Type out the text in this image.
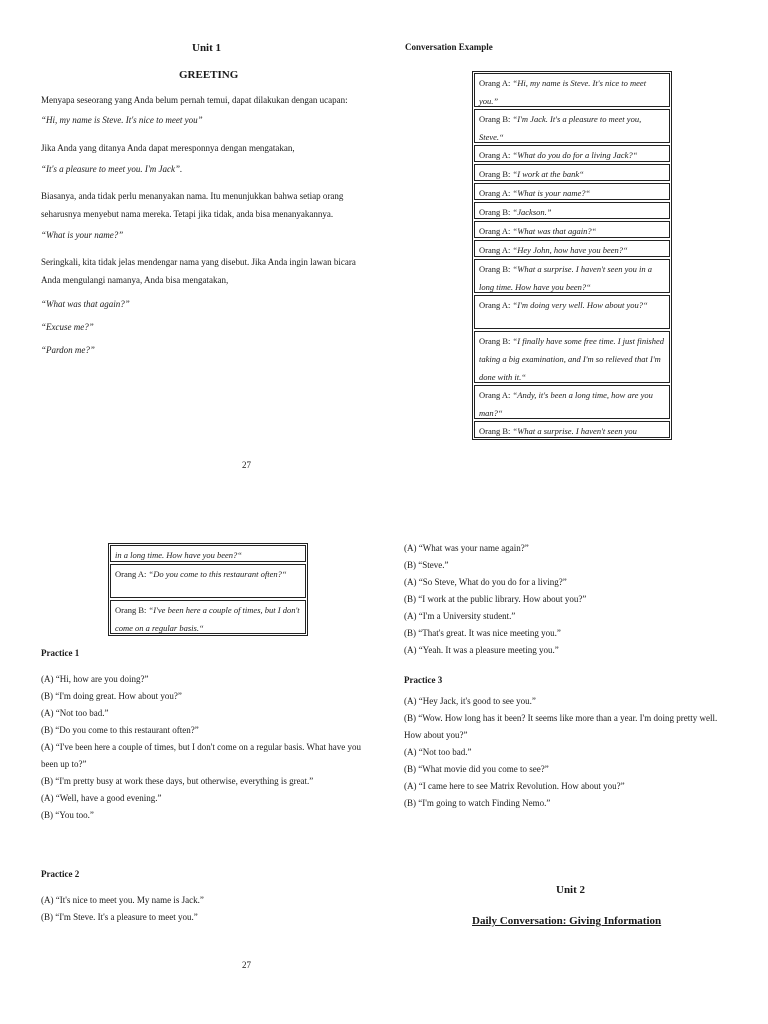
Unit 1
GREETING
Menyapa seseorang yang Anda belum pernah temui, dapat dilakukan dengan ucapan:
“Hi, my name is Steve. It's nice to meet you”
Jika Anda yang ditanya Anda dapat meresponnya dengan mengatakan,
“It's a pleasure to meet you. I'm Jack”.
Biasanya, anda tidak perlu menanyakan nama. Itu menunjukkan bahwa setiap orang seharusnya menyebut nama mereka. Tetapi jika tidak, anda bisa menanyakannya.
“What is your name?”
Seringkali, kita tidak jelas mendengar nama yang disebut. Jika Anda ingin lawan bicara Anda mengulangi namanya, Anda bisa mengatakan,
“What was that again?”
“Excuse me?”
“Pardon me?”
27
Conversation Example
Orang A: “Hi, my name is Steve. It's nice to meet you.”
Orang B: “I'm Jack. It's a pleasure to meet you, Steve.“
Orang A: “What do you do for a living Jack?“
Orang B: “I work at the bank“
Orang A: “What is your name?“
Orang B: “Jackson.”
Orang A: “What was that again?“
Orang A: “Hey John, how have you been?“
Orang B: “What a surprise. I haven't seen you in a long time. How have you been?“
Orang A: “I'm doing very well. How about you?“
Orang B: “I finally have some free time. I just finished taking a big examination, and I'm so relieved that I'm done with it.“
Orang A: “Andy, it's been a long time, how are you man?“
Orang B: “What a surprise. I haven't seen you
in a long time. How have you been?“
Orang A: “Do you come to this restaurant often?“
Orang B: “I've been here a couple of times, but I don't come on a regular basis.“
Practice 1
(A) “Hi, how are you doing?”
(B) “I'm doing great. How about you?”
(A) “Not too bad.”
(B) “Do you come to this restaurant often?”
(A) “I've been here a couple of times, but I don't come on a regular basis. What have you been up to?”
(B) “I'm pretty busy at work these days, but otherwise, everything is great.”
(A) “Well, have a good evening.”
(B) “You too.”
Practice 2
(A) “It's nice to meet you. My name is Jack.”
(B) “I'm Steve. It's a pleasure to meet you.”
27
(A) “What was your name again?”
(B) “Steve.”
(A) “So Steve, What do you do for a living?”
(B) “I work at the public library. How about you?”
(A) “I'm a University student.”
(B) “That's great. It was nice meeting you.”
(A) “Yeah. It was a pleasure meeting you.”
Practice 3
(A) “Hey Jack, it's good to see you.”
(B) “Wow. How long has it been? It seems like more than a year. I'm doing pretty well. How about you?”
(A) “Not too bad.”
(B) “What movie did you come to see?”
(A) “I came here to see Matrix Revolution. How about you?”
(B) “I'm going to watch Finding Nemo.”
Unit 2
Daily Conversation: Giving Information
